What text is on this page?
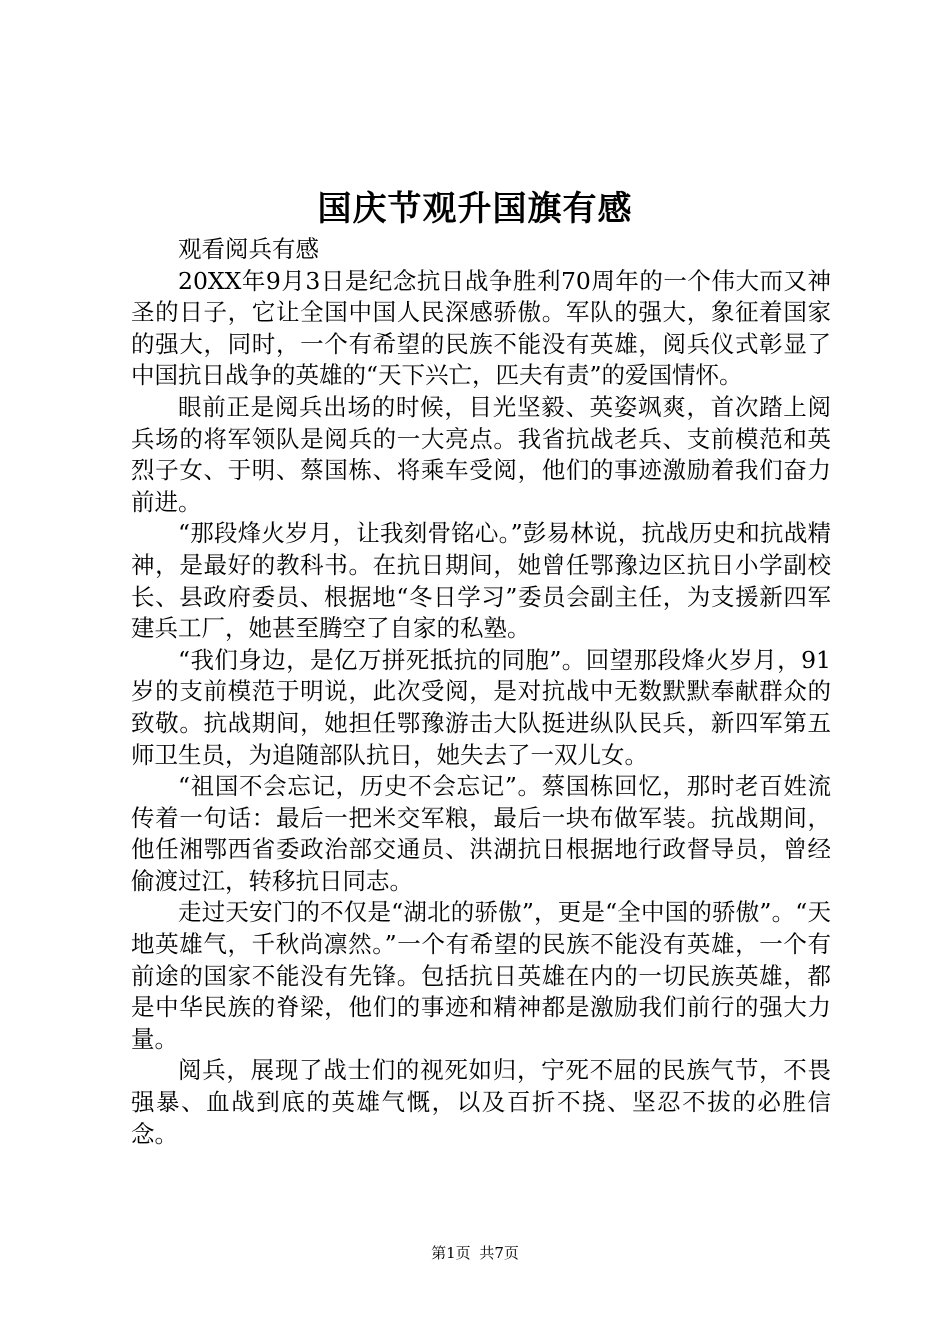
国庆节观升国旗有感

观看阅兵有感

20XX年9月3日是纪念抗日战争胜利70周年的一个伟大而又神圣的日子，它让全国中国人民深感骄傲。军队的强大，象征着国家的强大，同时，一个有希望的民族不能没有英雄，阅兵仪式彰显了中国抗日战争的英雄的“天下兴亡，匹夫有责”的爱国情怀。

眼前正是阅兵出场的时候，目光坚毅、英姿飒爽，首次踏上阅兵场的将军领队是阅兵的一大亮点。我省抗战老兵、支前模范和英烈子女、于明、蔡国栋、将乘车受阅，他们的事迹激励着我们奋力前进。

“那段烽火岁月，让我刻骨铭心。”彭易林说，抗战历史和抗战精神，是最好的教科书。在抗日期间，她曾任鄂豫边区抗日小学副校长、县政府委员、根据地“冬日学习”委员会副主任，为支援新四军建兵工厂，她甚至腾空了自家的私塾。

“我们身边，是亿万拼死抵抗的同胞”。回望那段烽火岁月，91岁的支前模范于明说，此次受阅，是对抗战中无数默默奉献群众的致敬。抗战期间，她担任鄂豫游击大队挺进纵队民兵，新四军第五师卫生员，为追随部队抗日，她失去了一双儿女。

“祖国不会忘记，历史不会忘记”。蔡国栋回忆，那时老百姓流传着一句话：最后一把米交军粮，最后一块布做军装。抗战期间，他任湘鄂西省委政治部交通员、洪湖抗日根据地行政督导员，曾经偷渡过江，转移抗日同志。

走过天安门的不仅是“湖北的骄傲”，更是“全中国的骄傲”。“天地英雄气，千秋尚凛然。”一个有希望的民族不能没有英雄，一个有前途的国家不能没有先锋。包括抗日英雄在内的一切民族英雄，都是中华民族的脊梁，他们的事迹和精神都是激励我们前行的强大力量。

阅兵，展现了战士们的视死如归，宁死不屈的民族气节，不畏强暴、血战到底的英雄气慨，以及百折不挠、坚忍不拔的必胜信念。

第1页 共7页
